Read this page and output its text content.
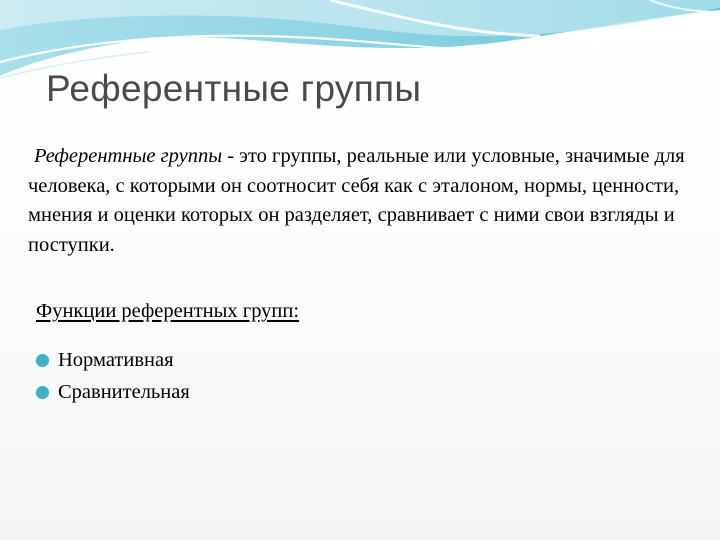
Референтные группы

Референтные группы - это группы, реальные или условные, значимые для человека, с которыми он соотносит себя как с эталоном, нормы, ценности, мнения и оценки которых он разделяет, сравнивает с ними свои взгляды и поступки.

Функции референтных групп:

Нормативная
Сравнительная
